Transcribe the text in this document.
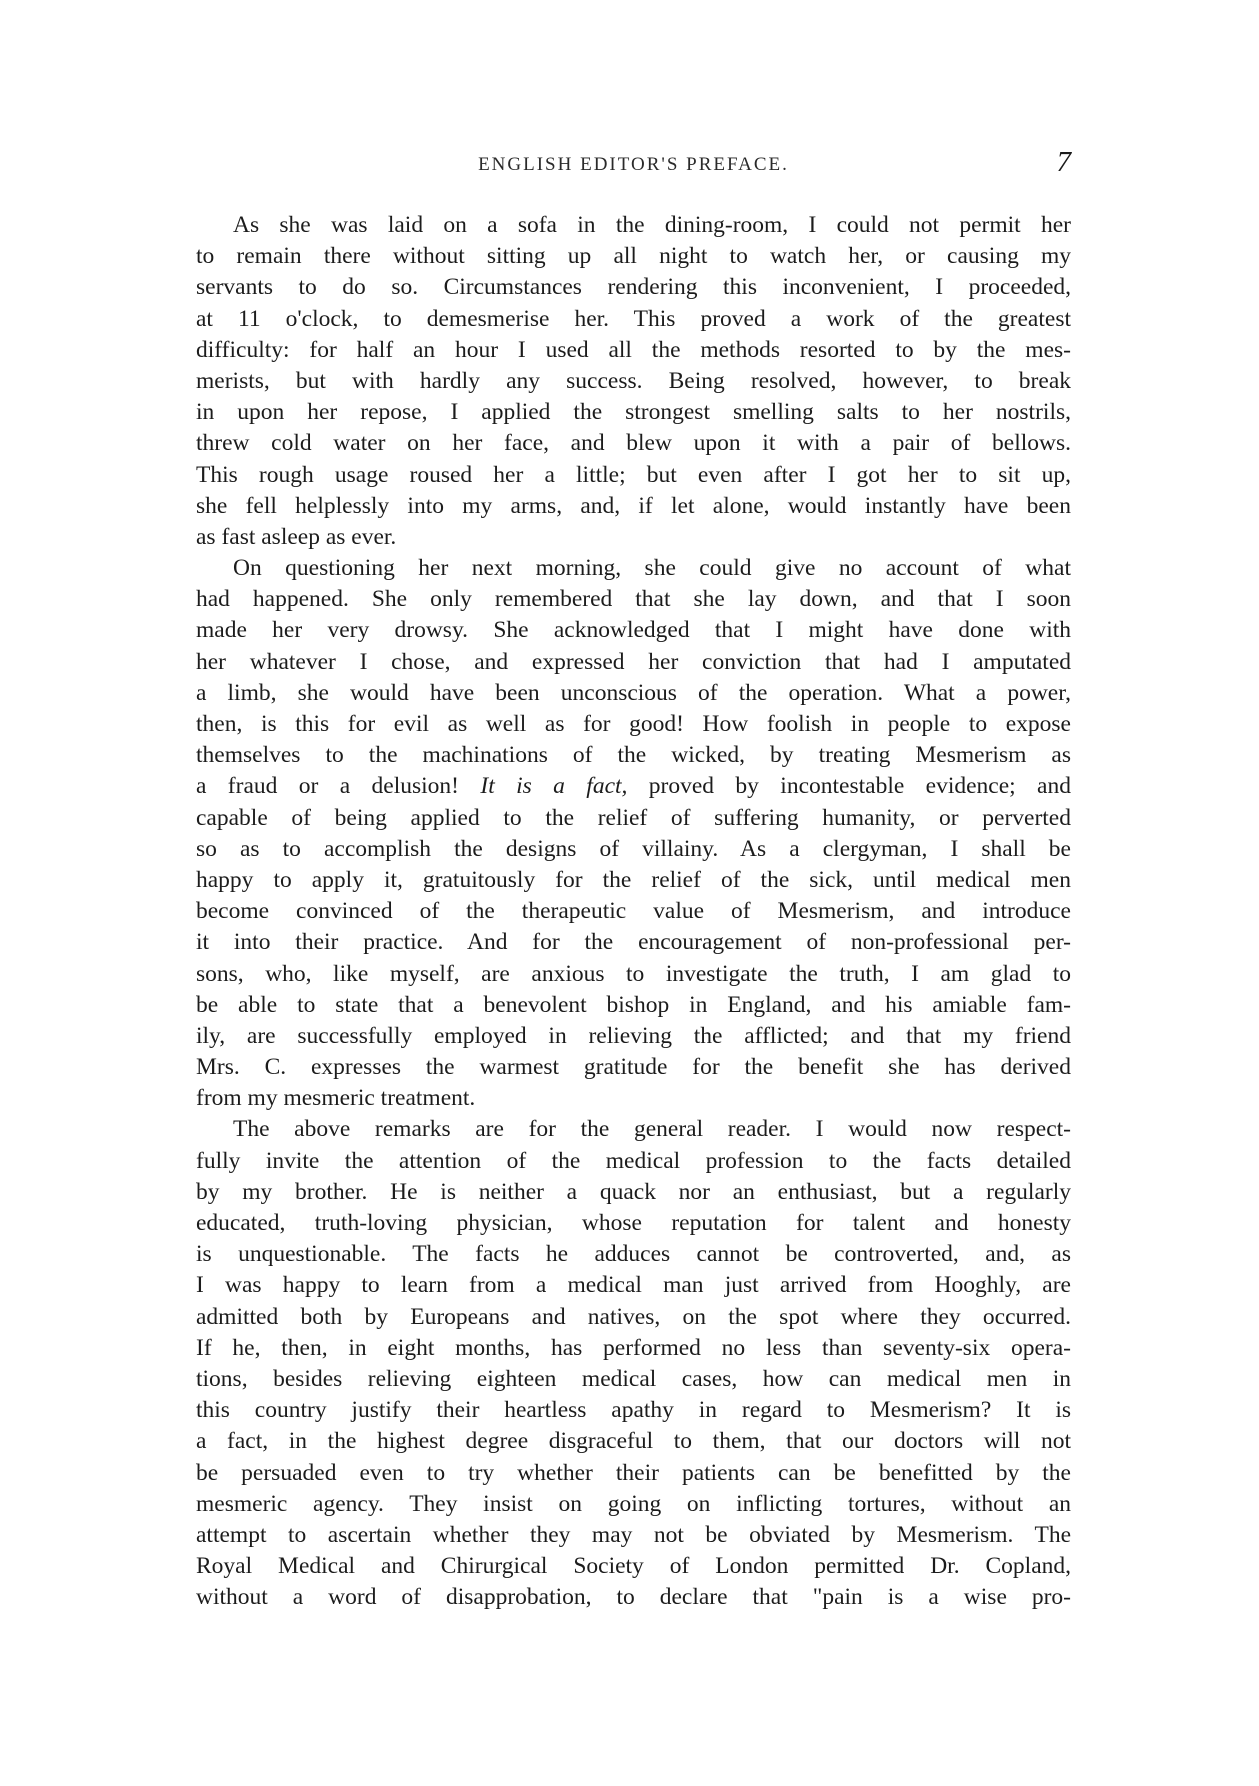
ENGLISH EDITOR'S PREFACE.	7
As she was laid on a sofa in the dining-room, I could not permit her
to remain there without sitting up all night to watch her, or causing my
servants to do so. Circumstances rendering this inconvenient, I proceeded,
at 11 o'clock, to demesmerise her. This proved a work of the greatest
difficulty: for half an hour I used all the methods resorted to by the mes-
merists, but with hardly any success. Being resolved, however, to break
in upon her repose, I applied the strongest smelling salts to her nostrils,
threw cold water on her face, and blew upon it with a pair of bellows.
This rough usage roused her a little; but even after I got her to sit up,
she fell helplessly into my arms, and, if let alone, would instantly have been
as fast asleep as ever.
On questioning her next morning, she could give no account of what
had happened. She only remembered that she lay down, and that I soon
made her very drowsy. She acknowledged that I might have done with
her whatever I chose, and expressed her conviction that had I amputated
a limb, she would have been unconscious of the operation. What a power,
then, is this for evil as well as for good! How foolish in people to expose
themselves to the machinations of the wicked, by treating Mesmerism as
a fraud or a delusion! It is a fact, proved by incontestable evidence; and
capable of being applied to the relief of suffering humanity, or perverted
so as to accomplish the designs of villainy. As a clergyman, I shall be
happy to apply it, gratuitously for the relief of the sick, until medical men
become convinced of the therapeutic value of Mesmerism, and introduce
it into their practice. And for the encouragement of non-professional per-
sons, who, like myself, are anxious to investigate the truth, I am glad to
be able to state that a benevolent bishop in England, and his amiable fam-
ily, are successfully employed in relieving the afflicted; and that my friend
Mrs. C. expresses the warmest gratitude for the benefit she has derived
from my mesmeric treatment.
The above remarks are for the general reader. I would now respect-
fully invite the attention of the medical profession to the facts detailed
by my brother. He is neither a quack nor an enthusiast, but a regularly
educated, truth-loving physician, whose reputation for talent and honesty
is unquestionable. The facts he adduces cannot be controverted, and, as
I was happy to learn from a medical man just arrived from Hooghly, are
admitted both by Europeans and natives, on the spot where they occurred.
If he, then, in eight months, has performed no less than seventy-six opera-
tions, besides relieving eighteen medical cases, how can medical men in
this country justify their heartless apathy in regard to Mesmerism? It is
a fact, in the highest degree disgraceful to them, that our doctors will not
be persuaded even to try whether their patients can be benefitted by the
mesmeric agency. They insist on going on inflicting tortures, without an
attempt to ascertain whether they may not be obviated by Mesmerism. The
Royal Medical and Chirurgical Society of London permitted Dr. Copland,
without a word of disapprobation, to declare that "pain is a wise pro-
